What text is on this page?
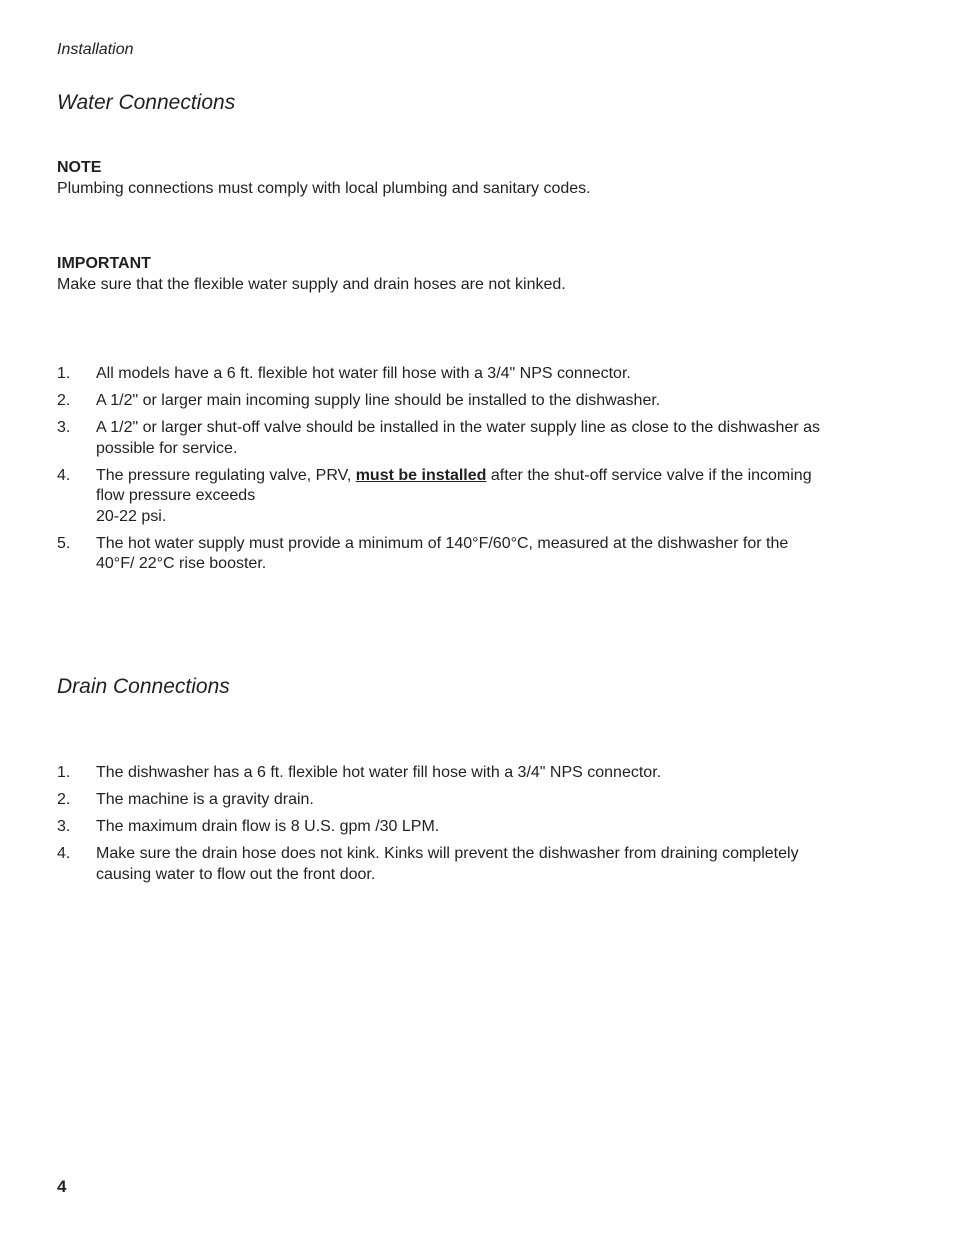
Installation
Water Connections
NOTE
Plumbing connections must comply with local plumbing and sanitary codes.
IMPORTANT
Make sure that the flexible water supply and drain hoses are not kinked.
1.	All models have a 6 ft. flexible hot water fill hose with a 3/4" NPS connector.
2.	A 1/2" or larger main incoming supply line should be installed to the dishwasher.
3.	A 1/2" or larger shut-off valve should be installed in the water supply line as close to the dishwasher as possible for service.
4.	The pressure regulating valve, PRV, must be installed after the shut-off service valve if the incoming flow pressure exceeds
20-22 psi.
5.	The hot water supply must provide a minimum of 140°F/60°C, measured at the dishwasher for the 40°F/ 22°C rise booster.
Drain Connections
1.	The dishwasher has a 6 ft. flexible hot water fill hose with a 3/4" NPS connector.
2.	The machine is a gravity drain.
3.	The maximum drain flow is 8 U.S. gpm /30 LPM.
4.	Make sure the drain hose does not kink. Kinks will prevent the dishwasher from draining completely causing water to flow out the front door.
4
